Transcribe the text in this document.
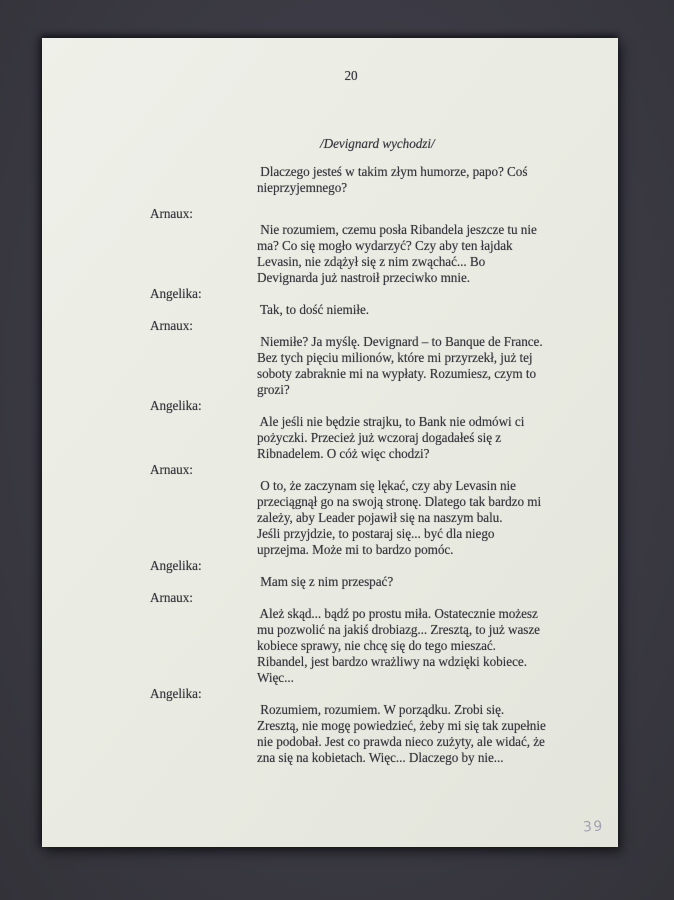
20
/Devignard wychodzi/
Dlaczego jesteś w takim złym humorze, papo? Coś
nieprzyjemnego?
Arnaux:
Nie rozumiem, czemu posła Ribandela jeszcze tu nie
ma? Co się mogło wydarzyć? Czy aby ten łajdak
Levasin, nie zdążył się z nim zwąchać... Bo
Devignarda już nastroił przeciwko mnie.
Angelika:
Tak, to dość niemiłe.
Arnaux:
Niemiłe? Ja myślę. Devignard – to Banque de France.
Bez tych pięciu milionów, które mi przyrzekł, już tej
soboty zabraknie mi na wypłaty. Rozumiesz, czym to
grozi?
Angelika:
Ale jeśli nie będzie strajku, to Bank nie odmówi ci
pożyczki. Przecież już wczoraj dogadałeś się z
Ribnadelem. O cóż więc chodzi?
Arnaux:
O to, że zaczynam się lękać, czy aby Levasin nie
przeciągnął go na swoją stronę. Dlatego tak bardzo mi
zależy, aby Leader pojawił się na naszym balu.
Jeśli przyjdzie, to postaraj się... być dla niego
uprzejma. Może mi to bardzo pomóc.
Angelika:
Mam się z nim przespać?
Arnaux:
Ależ skąd... bądź po prostu miła. Ostatecznie możesz
mu pozwolić na jakiś drobiazg... Zresztą, to już wasze
kobiece sprawy, nie chcę się do tego mieszać.
Ribandel, jest bardzo wrażliwy na wdzięki kobiece.
Więc...
Angelika:
Rozumiem, rozumiem. W porządku. Zrobi się.
Zresztą, nie mogę powiedzieć, żeby mi się tak zupełnie
nie podobał. Jest co prawda nieco zużyty, ale widać, że
zna się na kobietach. Więc... Dlaczego by nie...
39
